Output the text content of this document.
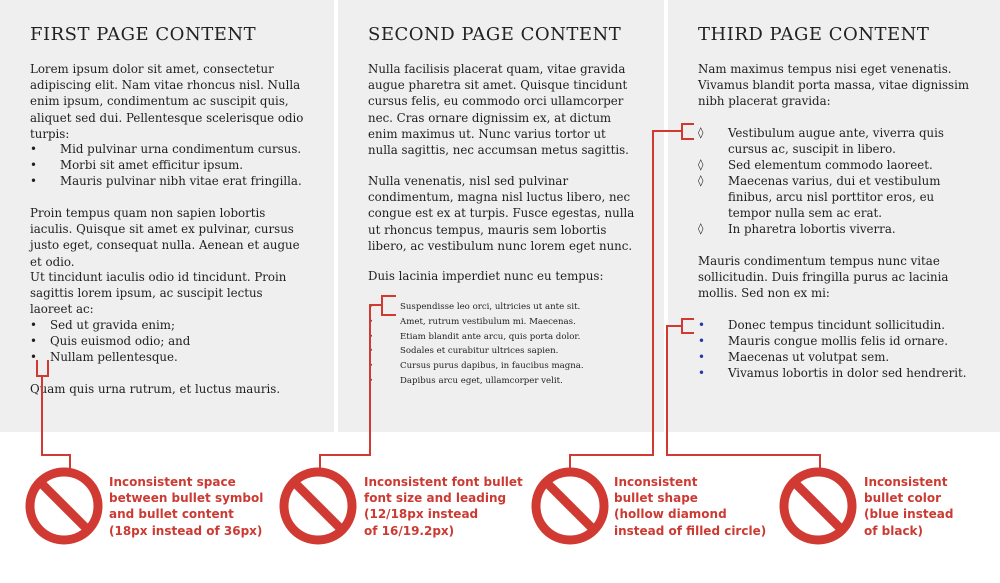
FIRST PAGE CONTENT
Lorem ipsum dolor sit amet, consectetur adipiscing elit. Nam vitae rhoncus nisl. Nulla enim ipsum, condimentum ac suscipit quis, aliquet sed dui. Pellentesque scelerisque odio turpis:
• Mid pulvinar urna condimentum cursus.
• Morbi sit amet efficitur ipsum.
• Mauris pulvinar nibh vitae erat fringilla.
Proin tempus quam non sapien lobortis iaculis. Quisque sit amet ex pulvinar, cursus justo eget, consequat nulla. Aenean et augue et odio.
Ut tincidunt iaculis odio id tincidunt. Proin sagittis lorem ipsum, ac suscipit lectus laoreet ac:
• Sed ut gravida enim;
• Quis euismod odio; and
• Nullam pellentesque.
Quam quis urna rutrum, et luctus mauris.
SECOND PAGE CONTENT
Nulla facilisis placerat quam, vitae gravida augue pharetra sit amet. Quisque tincidunt cursus felis, eu commodo orci ullamcorper nec. Cras ornare dignissim ex, at dictum enim maximus ut. Nunc varius tortor ut nulla sagittis, nec accumsan metus sagittis.
Nulla venenatis, nisl sed pulvinar condimentum, magna nisl luctus libero, nec congue est ex at turpis. Fusce egestas, nulla ut rhoncus tempus, mauris sem lobortis libero, ac vestibulum nunc lorem eget nunc.
Duis lacinia imperdiet nunc eu tempus:
•	Suspendisse leo orci, ultricies ut ante sit.
•	Amet, rutrum vestibulum mi. Maecenas.
•	Etiam blandit ante arcu, quis porta dolor.
•	Sodales et curabitur ultrices sapien.
•	Cursus purus dapibus, in faucibus magna.
•	Dapibus arcu eget, ullamcorper velit.
THIRD PAGE CONTENT
Nam maximus tempus nisi eget venenatis. Vivamus blandit porta massa, vitae dignissim nibh placerat gravida:
◊ Vestibulum augue ante, viverra quis cursus ac, suscipit in libero.
◊ Sed elementum commodo laoreet.
◊ Maecenas varius, dui et vestibulum finibus, arcu nisl porttitor eros, eu tempor nulla sem ac erat.
◊ In pharetra lobortis viverra.
Mauris condimentum tempus nunc vitae sollicitudin. Duis fringilla purus ac lacinia mollis. Sed non ex mi:
• Donec tempus tincidunt sollicitudin.
• Mauris congue mollis felis id ornare.
• Maecenas ut volutpat sem.
• Vivamus lobortis in dolor sed hendrerit.
Inconsistent space
between bullet symbol
and bullet content
(18px instead of 36px)
Inconsistent font bullet
font size and leading
(12/18px instead
of 16/19.2px)
Inconsistent
bullet shape
(hollow diamond
instead of filled circle)
Inconsistent
bullet color
(blue instead
of black)
